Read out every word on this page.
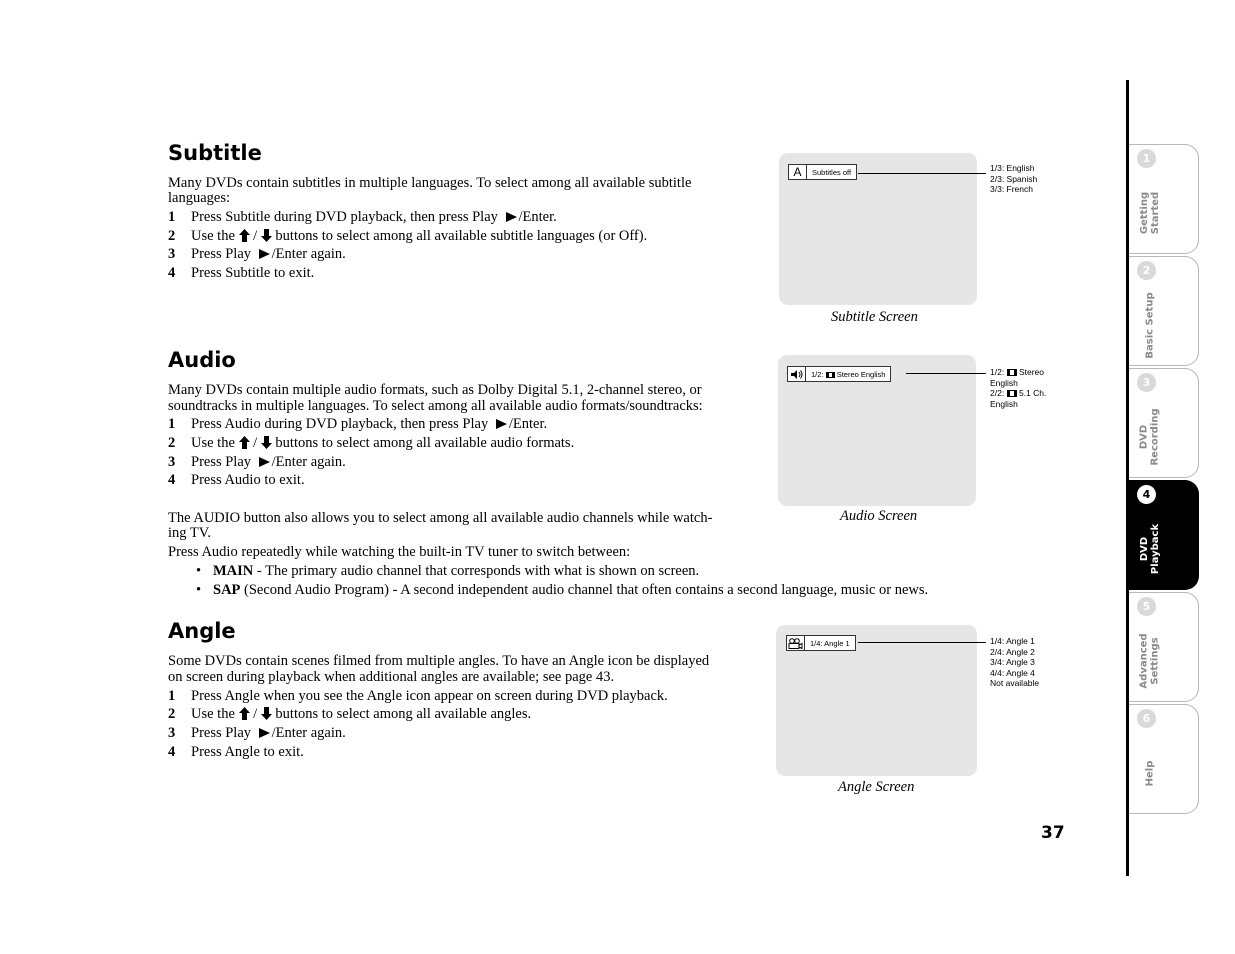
Subtitle
Many DVDs contain subtitles in multiple languages. To select among all available subtitle
languages:
1 Press Subtitle during DVD playback, then press Play /Enter.
2 Use the / buttons to select among all available subtitle languages (or Off).
3 Press Play /Enter again.
4 Press Subtitle to exit.
A	Subtitles off	1/3: English
2/3: Spanish
3/3: French
Subtitle Screen
Audio
Many DVDs contain multiple audio formats, such as Dolby Digital 5.1, 2-channel stereo, or
soundtracks in multiple languages. To select among all available audio formats/soundtracks:
1 Press Audio during DVD playback, then press Play /Enter.
2 Use the / buttons to select among all available audio formats.
3 Press Play /Enter again.
4 Press Audio to exit.
The AUDIO button also allows you to select among all available audio channels while watch-
ing TV.
Press Audio repeatedly while watching the built-in TV tuner to switch between:
• MAIN - The primary audio channel that corresponds with what is shown on screen.
• SAP (Second Audio Program) - A second independent audio channel that often contains a second language, music or news.
1/2: Stereo English	1/2: Stereo
English
2/2: 5.1 Ch.
English
Audio Screen
Angle
Some DVDs contain scenes filmed from multiple angles. To have an Angle icon be displayed
on screen during playback when additional angles are available; see page 43.
1 Press Angle when you see the Angle icon appear on screen during DVD playback.
2 Use the / buttons to select among all available angles.
3 Press Play /Enter again.
4 Press Angle to exit.
1/4: Angle 1	1/4: Angle 1
2/4: Angle 2
3/4: Angle 3
4/4: Angle 4
Not available
Angle Screen
37
1
Getting
Started
2
Basic Setup
3
DVD
Recording
4
DVD
Playback
5
Advanced
Settings
6
Help
